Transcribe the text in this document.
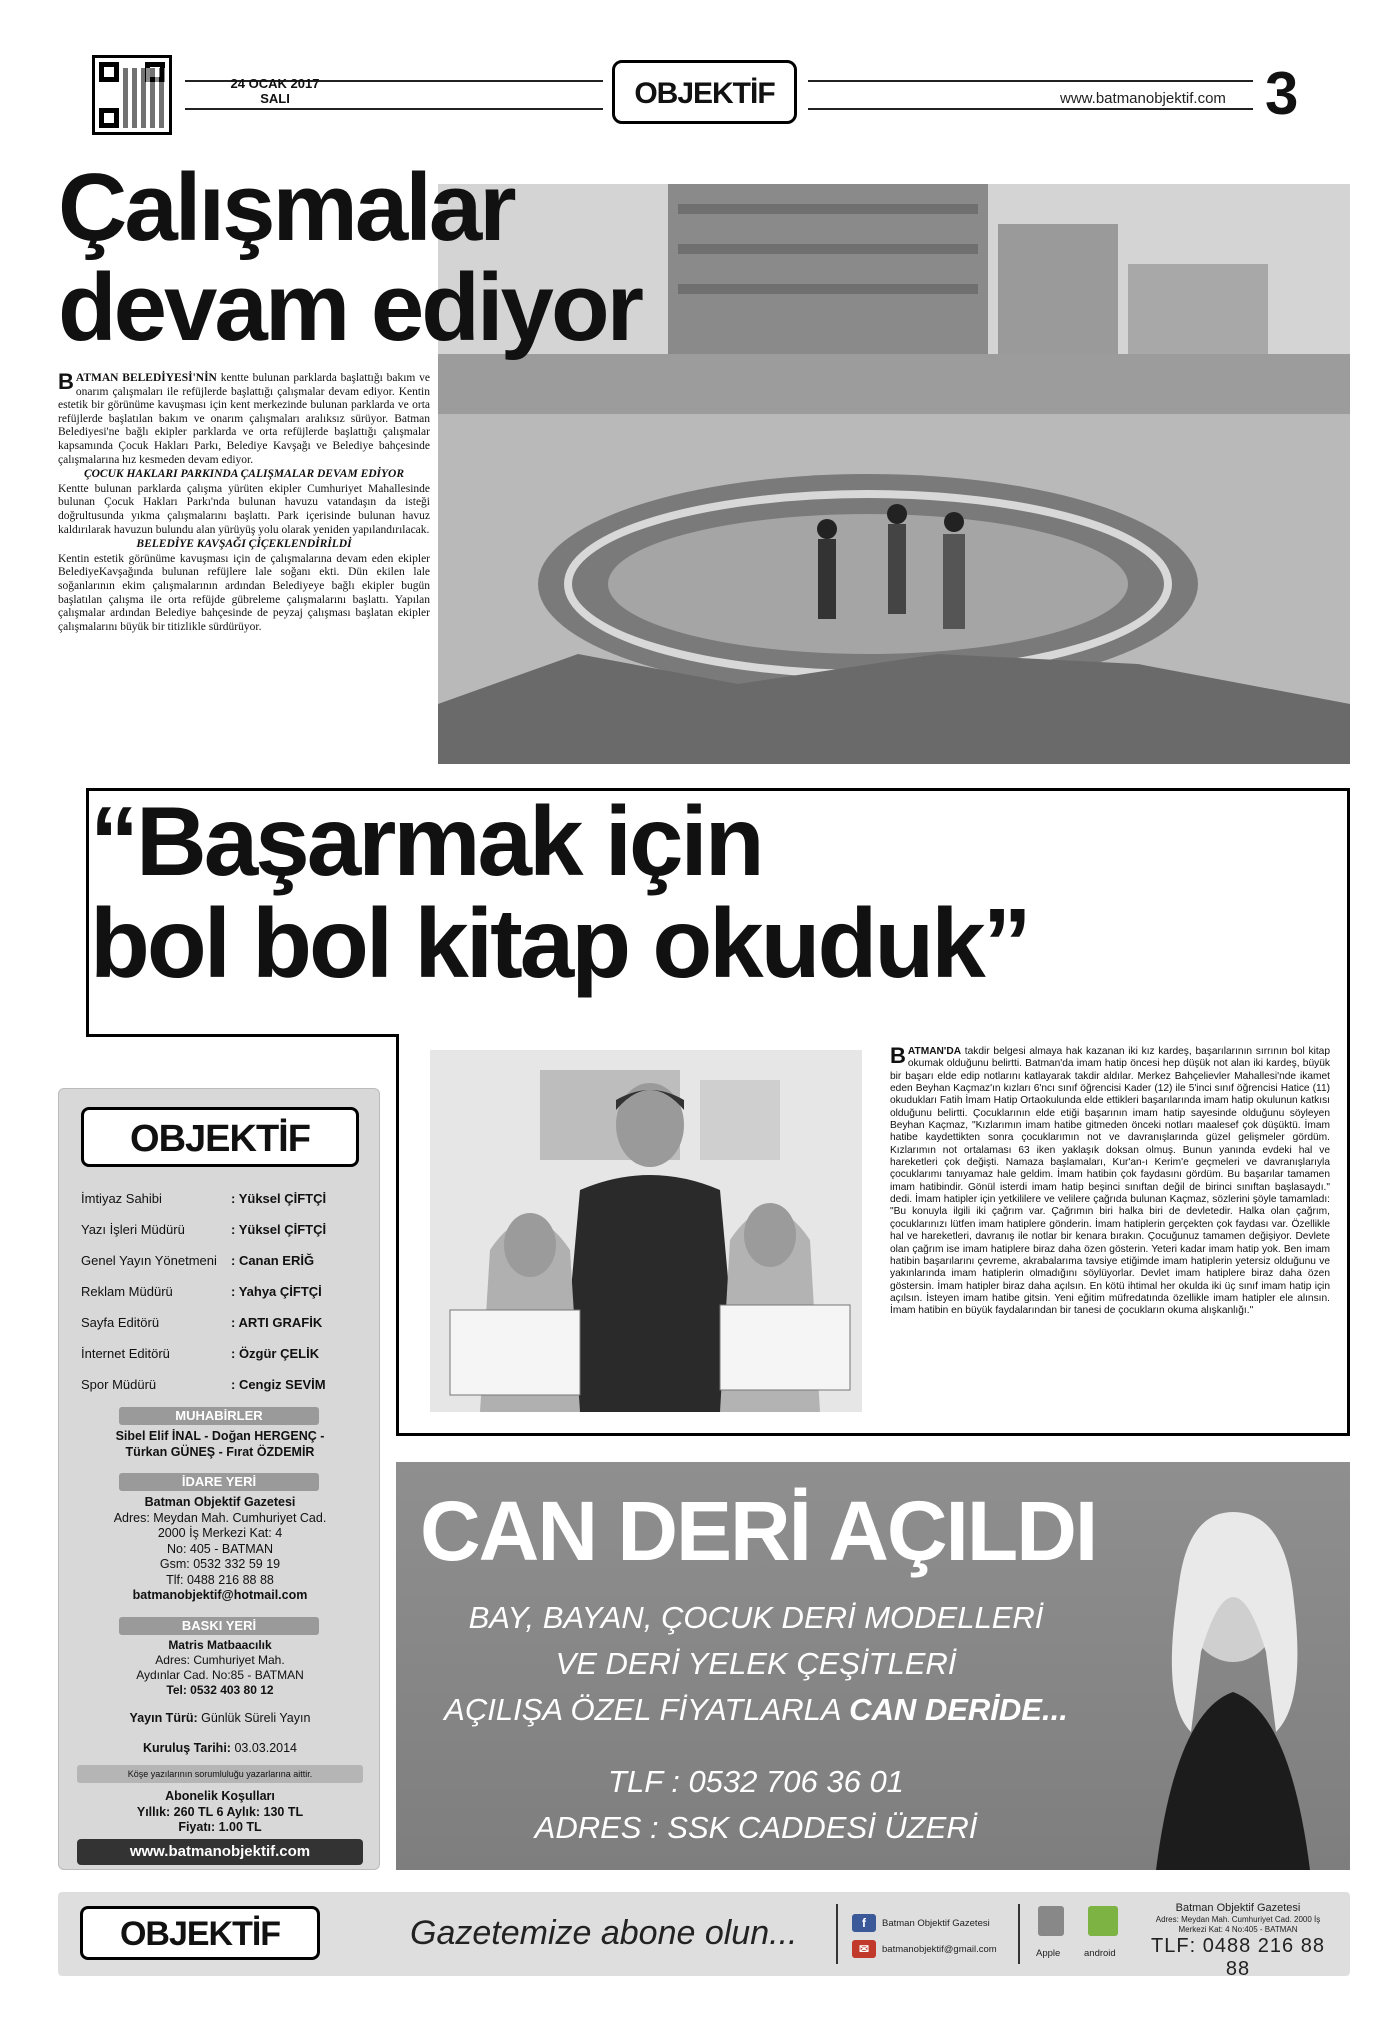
24 OCAK 2017
SALI	OBJEKTİF	www.batmanobjektif.com 3
Çalışmalar
devam ediyor

B ATMAN BELEDİYESİ'NİN kentte bulunan parklarda başlattığı bakım ve onarım çalışmaları ile refüjlerde başlattığı çalışmalar devam ediyor. Kentin estetik bir görünüme kavuşması için kent merkezinde bulunan parklarda ve orta refüjlerde başlatılan bakım ve onarım çalışmaları aralıksız sürüyor. Batman Belediyesi'ne bağlı ekipler parklarda ve orta refüjlerde başlattığı çalışmalar kapsamında Çocuk Hakları Parkı, Belediye Kavşağı ve Belediye bahçesinde çalışmalarına hız kesmeden devam ediyor.

ÇOCUK HAKLARI PARKINDA ÇALIŞMALAR DEVAM EDİYOR

Kentte bulunan parklarda çalışma yürüten ekipler Cumhuriyet Mahallesinde bulunan Çocuk Hakları Parkı'nda bulunan havuzu vatandaşın da isteği doğrultusunda yıkma çalışmalarını başlattı. Park içerisinde bulunan havuz kaldırılarak havuzun bulundu alan yürüyüş yolu olarak yeniden yapılandırılacak.

BELEDİYE KAVŞAĞI ÇİÇEKLENDİRİLDİ

Kentin estetik görünüme kavuşması için de çalışmalarına devam eden ekipler BelediyeKavşağında bulunan refüjlere lale soğanı ekti. Dün ekilen lale soğanlarının ekim çalışmalarının ardından Belediyeye bağlı ekipler bugün başlatılan çalışma ile orta refüjde gübreleme çalışmalarını başlattı. Yapılan çalışmalar ardından Belediye bahçesinde de peyzaj çalışması başlatan ekipler çalışmalarını büyük bir titizlikle sürdürüyor.

“Başarmak için
bol bol kitap okuduk”
B ATMAN'DA takdir belgesi almaya hak kazanan iki kız kardeş, başarılarının sırrının bol kitap okumak olduğunu belirtti. Batman'da imam hatip öncesi hep düşük not alan iki kardeş, büyük bir başarı elde edip notlarını katlayarak takdir aldılar. Merkez Bahçelievler Mahallesi'nde ikamet eden Beyhan Kaçmaz'ın kızları 6'ncı sınıf öğrencisi Kader (12) ile 5'inci sınıf öğrencisi Hatice (11) okudukları Fatih İmam Hatip Ortaokulunda elde ettikleri başarılarında imam hatip okulunun katkısı olduğunu belirtti. Çocuklarının elde etiği başarının imam hatip sayesinde olduğunu söyleyen Beyhan Kaçmaz, "Kızlarımın imam hatibe gitmeden önceki notları maalesef çok düşüktü. İmam hatibe kaydettikten sonra çocuklarımın not ve davranışlarında güzel gelişmeler gördüm. Kızlarımın not ortalaması 63 iken yaklaşık doksan olmuş. Bunun yanında evdeki hal ve hareketleri çok değişti. Namaza başlamaları, Kur'an-ı Kerim'e geçmeleri ve davranışlarıyla çocuklarımı tanıyamaz hale geldim. İmam hatibin çok faydasını gördüm. Bu başarılar tamamen imam hatibindir. Gönül isterdi imam hatip beşinci sınıftan değil de birinci sınıftan başlasaydı." dedi. İmam hatipler için yetkililere ve velilere çağrıda bulunan Kaçmaz, sözlerini şöyle tamamladı: "Bu konuyla ilgili iki çağrım var. Çağrımın biri halka biri de devletedir. Halka olan çağrım, çocuklarınızı lütfen imam hatiplere gönderin. İmam hatiplerin gerçekten çok faydası var. Özellikle hal ve hareketleri, davranış ile notlar bir kenara bırakın. Çocuğunuz tamamen değişiyor. Devlete olan çağrım ise imam hatiplere biraz daha özen gösterin. Yeteri kadar imam hatip yok. Ben imam hatibin başarılarını çevreme, akrabalarıma tavsiye etiğimde imam hatiplerin yetersiz olduğunu ve yakınlarında imam hatiplerin olmadığını söylüyorlar. Devlet imam hatiplere biraz daha özen göstersin. İmam hatipler biraz daha açılsın. En kötü ihtimal her okulda iki üç sınıf imam hatip için açılsın. İsteyen imam hatibe gitsin. Yeni eğitim müfredatında özellikle imam hatipler ele alınsın. İmam hatibin en büyük faydalarından bir tanesi de çocukların okuma alışkanlığı."
OBJEKTİF
İmtiyaz Sahibi	: Yüksel ÇİFTÇİ
Yazı İşleri Müdürü	: Yüksel ÇİFTÇİ
Genel Yayın Yönetmeni : Canan ERİĞ
Reklam Müdürü	: Yahya ÇİFTÇİ
Sayfa Editörü	: ARTI GRAFİK
İnternet Editörü	: Özgür ÇELİK
Spor Müdürü	: Cengiz SEVİM
MUHABİRLER
Sibel Elif İNAL - Doğan HERGENÇ -
Türkan GÜNEŞ - Fırat ÖZDEMİR
İDARE YERİ
Batman Objektif Gazetesi
Adres: Meydan Mah. Cumhuriyet Cad.
2000 İş Merkezi Kat: 4
No: 405 - BATMAN
Gsm: 0532 332 59 19
Tlf: 0488 216 88 88
batmanobjektif@hotmail.com
BASKI YERİ
Matris Matbaacılık
Adres: Cumhuriyet Mah.
Aydınlar Cad. No:85 - BATMAN
Tel: 0532 403 80 12
Yayın Türü: Günlük Süreli Yayın
Kuruluş Tarihi: 03.03.2014
Köşe yazılarının sorumluluğu yazarlarına aittir.
Abonelik Koşulları
Yıllık: 260 TL 6 Aylık: 130 TL
Fiyatı: 1.00 TL
www.batmanobjektif.com
CAN DERİ AÇILDI
BAY, BAYAN, ÇOCUK DERİ MODELLERİ
VE DERİ YELEK ÇEŞİTLERİ
AÇILIŞA ÖZEL FİYATLARLA CAN DERİDE...
TLF : 0532 706 36 01
ADRES : SSK CADDESİ ÜZERİ
OBJEKTİF	Gazetemize abone olun...	f	Batman Objektif Gazetesi
✉	batmanobjektif@gmail.com	Apple android
Batman Objektif Gazetesi
Adres: Meydan Mah. Cumhuriyet Cad. 2000 İş
Merkezi Kat: 4 No:405 - BATMAN
TLF: 0488 216 88 88
